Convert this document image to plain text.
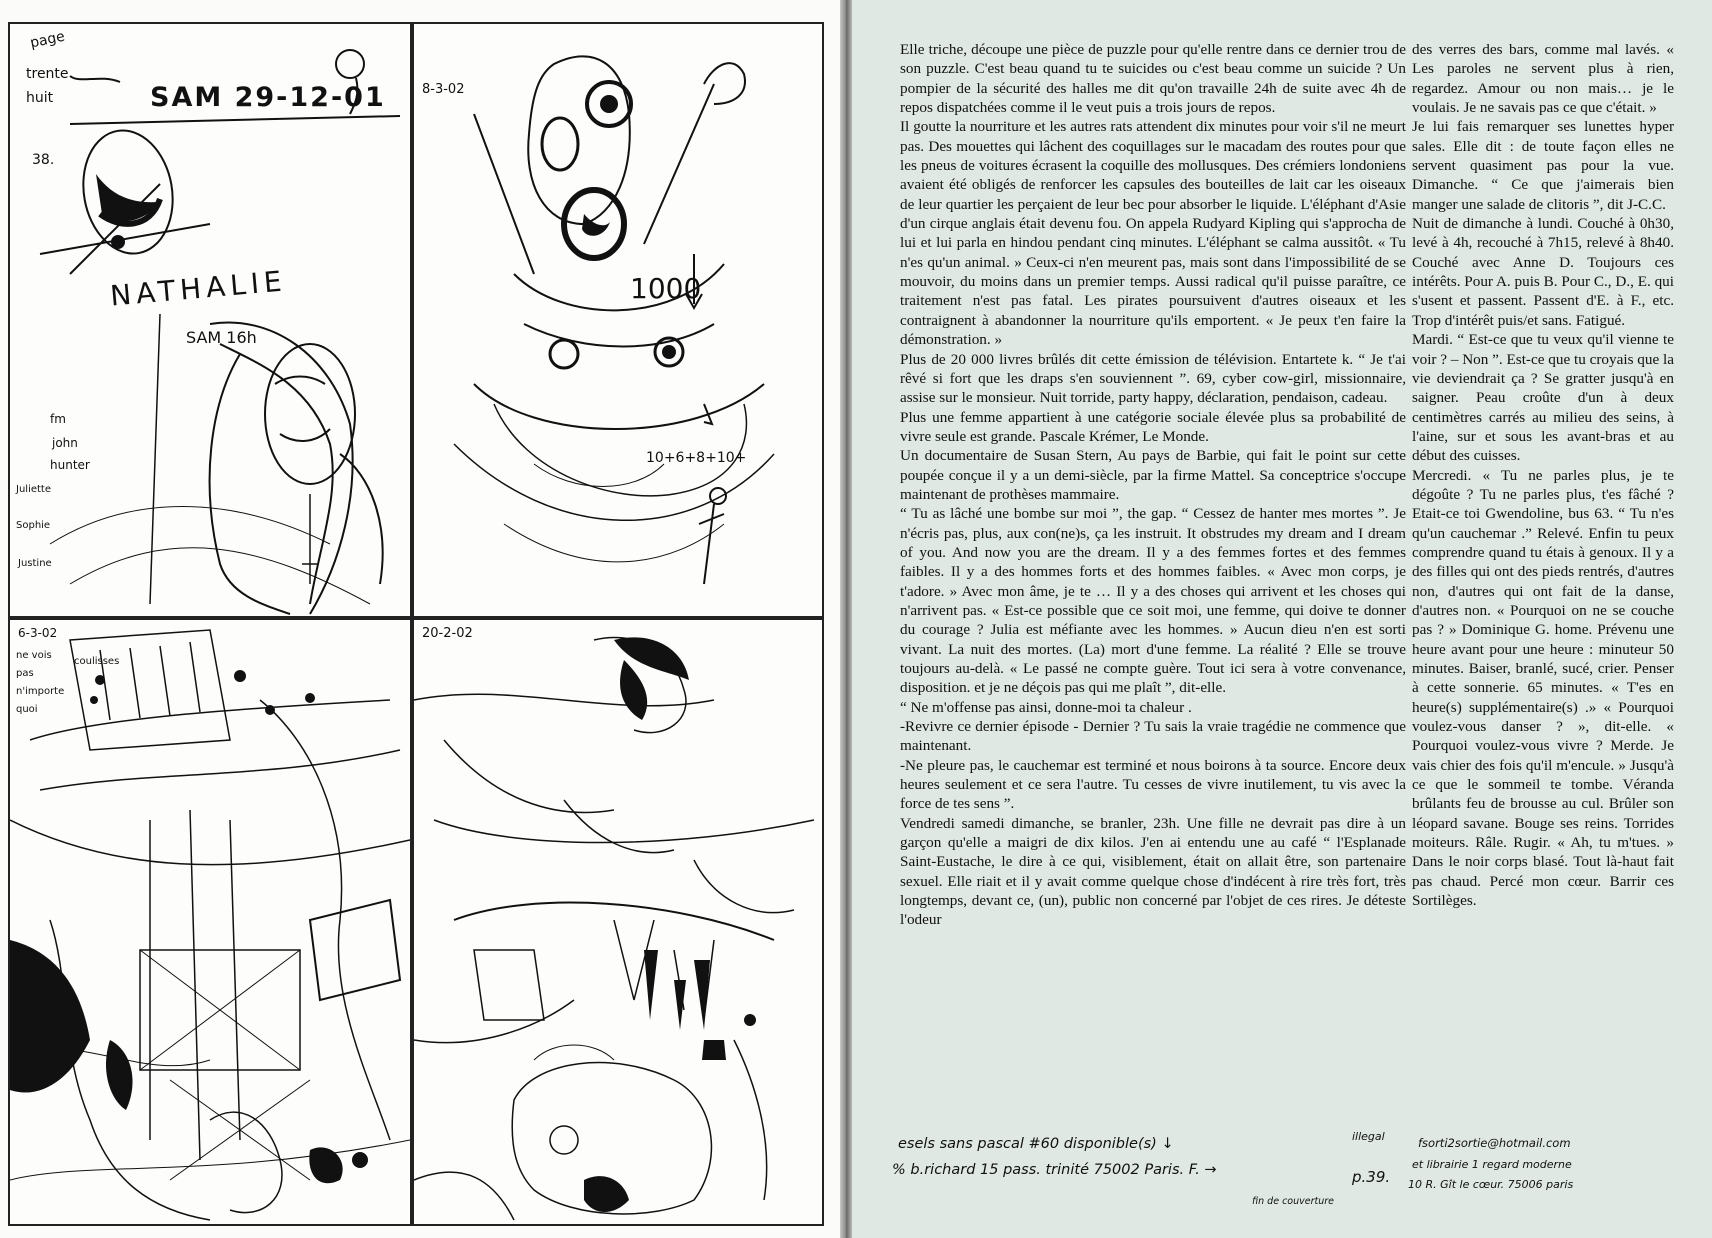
page
trente
huit	SAM 29-12-01
38.
NATHALIE
SAM 16h
fm
john
hunter
Juliette
Sophie
Justine
8-3-02
1000
10+6+8+10+
6-3-02
coulisses
ne vois
pas
n'importe
quoi
20-2-02

Elle triche, découpe une pièce de puzzle pour qu'elle rentre dans ce dernier trou de son puzzle. C'est beau quand tu te suicides ou c'est beau comme un suicide ? Un pompier de la sécurité des halles me dit qu'on travaille 24h de suite avec 4h de repos dispatchées comme il le veut puis a trois jours de repos.

Il goutte la nourriture et les autres rats attendent dix minutes pour voir s'il ne meurt pas. Des mouettes qui lâchent des coquillages sur le macadam des routes pour que les pneus de voitures écrasent la coquille des mollusques. Des crémiers londoniens avaient été obligés de renforcer les capsules des bouteilles de lait car les oiseaux de leur quartier les perçaient de leur bec pour absorber le liquide. L'éléphant d'Asie d'un cirque anglais était devenu fou. On appela Rudyard Kipling qui s'approcha de lui et lui parla en hindou pendant cinq minutes. L'éléphant se calma aussitôt. « Tu n'es qu'un animal. » Ceux-ci n'en meurent pas, mais sont dans l'impossibilité de se mouvoir, du moins dans un premier temps. Aussi radical qu'il puisse paraître, ce traitement n'est pas fatal. Les pirates poursuivent d'autres oiseaux et les contraignent à abandonner la nourriture qu'ils emportent. « Je peux t'en faire la démonstration. »

Plus de 20 000 livres brûlés dit cette émission de télévision. Entartete k. “ Je t'ai rêvé si fort que les draps s'en souviennent ”. 69, cyber cow-girl, missionnaire, assise sur le monsieur. Nuit torride, party happy, déclaration, pendaison, cadeau.

Plus une femme appartient à une catégorie sociale élevée plus sa probabilité de vivre seule est grande. Pascale Krémer, Le Monde.

Un documentaire de Susan Stern, Au pays de Barbie, qui fait le point sur cette poupée conçue il y a un demi-siècle, par la firme Mattel. Sa conceptrice s'occupe maintenant de prothèses mammaire.

“ Tu as lâché une bombe sur moi ”, the gap. “ Cessez de hanter mes mortes ”. Je n'écris pas, plus, aux con(ne)s, ça les instruit. It obstrudes my dream and I dream of you. And now you are the dream. Il y a des femmes fortes et des femmes faibles. Il y a des hommes forts et des hommes faibles. « Avec mon corps, je t'adore. » Avec mon âme, je te … Il y a des choses qui arrivent et les choses qui n'arrivent pas. « Est-ce possible que ce soit moi, une femme, qui doive te donner du courage ? Julia est méfiante avec les hommes. » Aucun dieu n'en est sorti vivant. La nuit des mortes. (La) mort d'une femme. La réalité ? Elle se trouve toujours au-delà. « Le passé ne compte guère. Tout ici sera à votre convenance, disposition. et je ne déçois pas qui me plaît ”, dit-elle.

“ Ne m'offense pas ainsi, donne-moi ta chaleur .

-Revivre ce dernier épisode - Dernier ? Tu sais la vraie tragédie ne commence que maintenant.

-Ne pleure pas, le cauchemar est terminé et nous boirons à ta source. Encore deux heures seulement et ce sera l'autre. Tu cesses de vivre inutilement, tu vis avec la force de tes sens ”.

Vendredi samedi dimanche, se branler, 23h. Une fille ne devrait pas dire à un garçon qu'elle a maigri de dix kilos. J'en ai entendu une au café “ l'Esplanade Saint-Eustache, le dire à ce qui, visiblement, était on allait être, son partenaire sexuel. Elle riait et il y avait comme quelque chose d'indécent à rire très fort, très longtemps, devant ce, (un), public non concerné par l'objet de ces rires. Je déteste l'odeur

des verres des bars, comme mal lavés. « Les paroles ne servent plus à rien, regardez. Amour ou non mais… je le voulais. Je ne savais pas ce que c'était. »

Je lui fais remarquer ses lunettes hyper sales. Elle dit : de toute façon elles ne servent quasiment pas pour la vue. Dimanche. “ Ce que j'aimerais bien manger une salade de clitoris ”, dit J-C.C.

Nuit de dimanche à lundi. Couché à 0h30, levé à 4h, recouché à 7h15, relevé à 8h40. Couché avec Anne D. Toujours ces intérêts. Pour A. puis B. Pour C., D., E. qui s'usent et passent. Passent d'E. à F., etc. Trop d'intérêt puis/et sans. Fatigué.

Mardi. “ Est-ce que tu veux qu'il vienne te voir ? – Non ”. Est-ce que tu croyais que la vie deviendrait ça ? Se gratter jusqu'à en saigner. Peau croûte d'un à deux centimètres carrés au milieu des seins, à l'aine, sur et sous les avant-bras et au début des cuisses.

Mercredi. « Tu ne parles plus, je te dégoûte ? Tu ne parles plus, t'es fâché ? Etait-ce toi Gwendoline, bus 63. “ Tu n'es qu'un cauchemar .” Relevé. Enfin tu peux comprendre quand tu étais à genoux. Il y a des filles qui ont des pieds rentrés, d'autres non, d'autres qui ont fait de la danse, d'autres non. « Pourquoi on ne se couche pas ? » Dominique G. home. Prévenu une heure avant pour une heure : minuteur 50 minutes. Baiser, branlé, sucé, crier. Penser à cette sonnerie. 65 minutes. « T'es en heure(s) supplémentaire(s) .» « Pourquoi voulez-vous danser ? », dit-elle. « Pourquoi voulez-vous vivre ? Merde. Je vais chier des fois qu'il m'encule. » Jusqu'à ce que le sommeil te tombe. Véranda brûlants feu de brousse au cul. Brûler son léopard savane. Bouge ses reins. Torrides moiteurs. Râle. Rugir. « Ah, tu m'tues. » Dans le noir corps blasé. Tout là-haut fait pas chaud. Percé mon cœur. Barrir ces Sortilèges.

esels sans pascal #60 disponible(s) ↓
% b.richard 15 pass. trinité 75002 Paris. F. →
illegal
fin de couverture
p.39.
fsorti2sortie@hotmail.com
et librairie 1 regard moderne
10 R. Gît le cœur. 75006 paris
